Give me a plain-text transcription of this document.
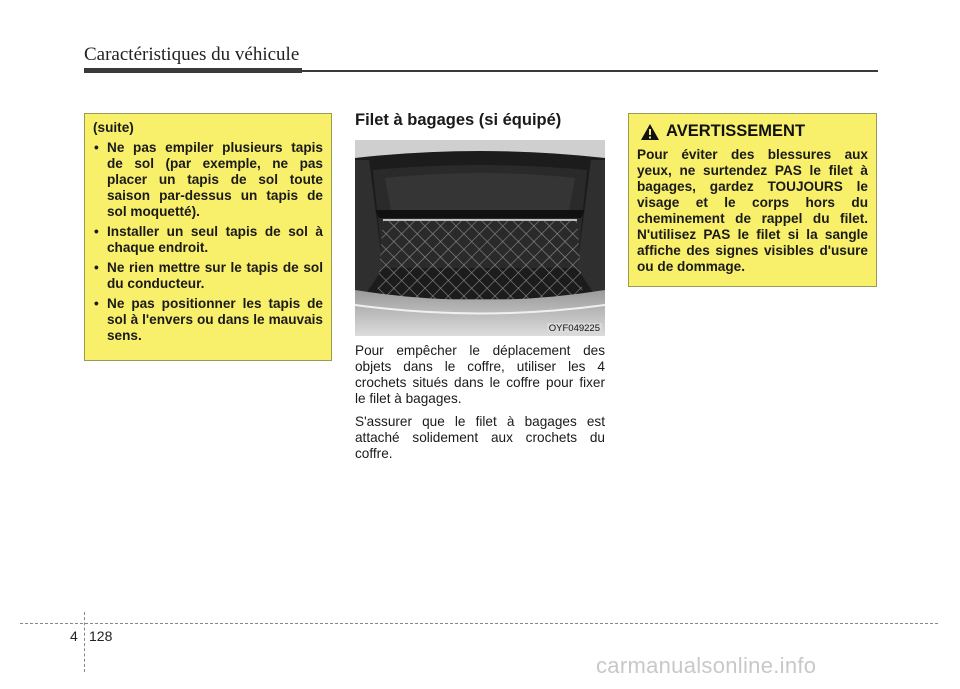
Caractéristiques du véhicule

(suite)

• Ne pas empiler plusieurs tapis de sol (par exemple, ne pas placer un tapis de sol toute saison par-dessus un tapis de sol moquetté).
• Installer un seul tapis de sol à chaque endroit.
• Ne rien mettre sur le tapis de sol du conducteur.
• Ne pas positionner les tapis de sol à l'envers ou dans le mauvais sens.
Filet à bagages (si équipé)
OYF049225

Pour empêcher le déplacement des objets dans le coffre, utiliser les 4 crochets situés dans le coffre pour fixer le filet à bagages.

S'assurer que le filet à bagages est attaché solidement aux crochets du coffre.

AVERTISSEMENT

Pour éviter des blessures aux yeux, ne surtendez PAS le filet à bagages, gardez TOUJOURS le visage et le corps hors du cheminement de rappel du filet. N'utilisez PAS le filet si la sangle affiche des signes visibles d'usure ou de dommage.

4 128
carmanualsonline.info
